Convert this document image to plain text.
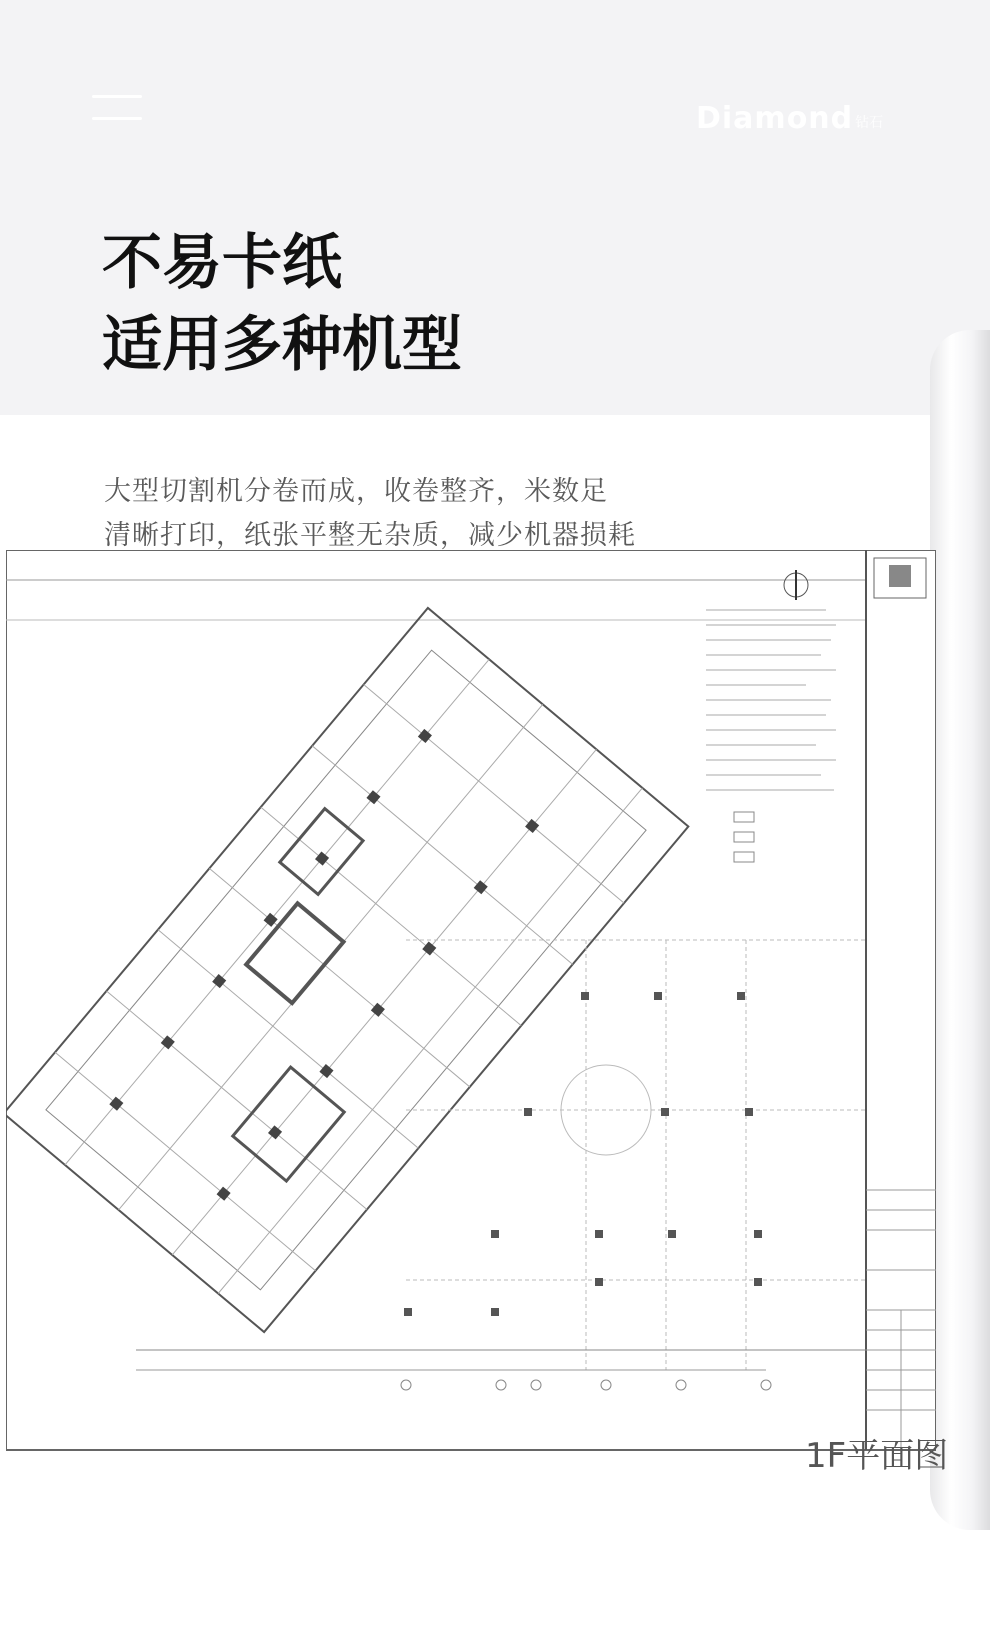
Diamond 钻石
不易卡纸
适用多种机型
1F平面图
大型切割机分卷而成，收卷整齐，米数足
清晰打印，纸张平整无杂质，减少机器损耗
